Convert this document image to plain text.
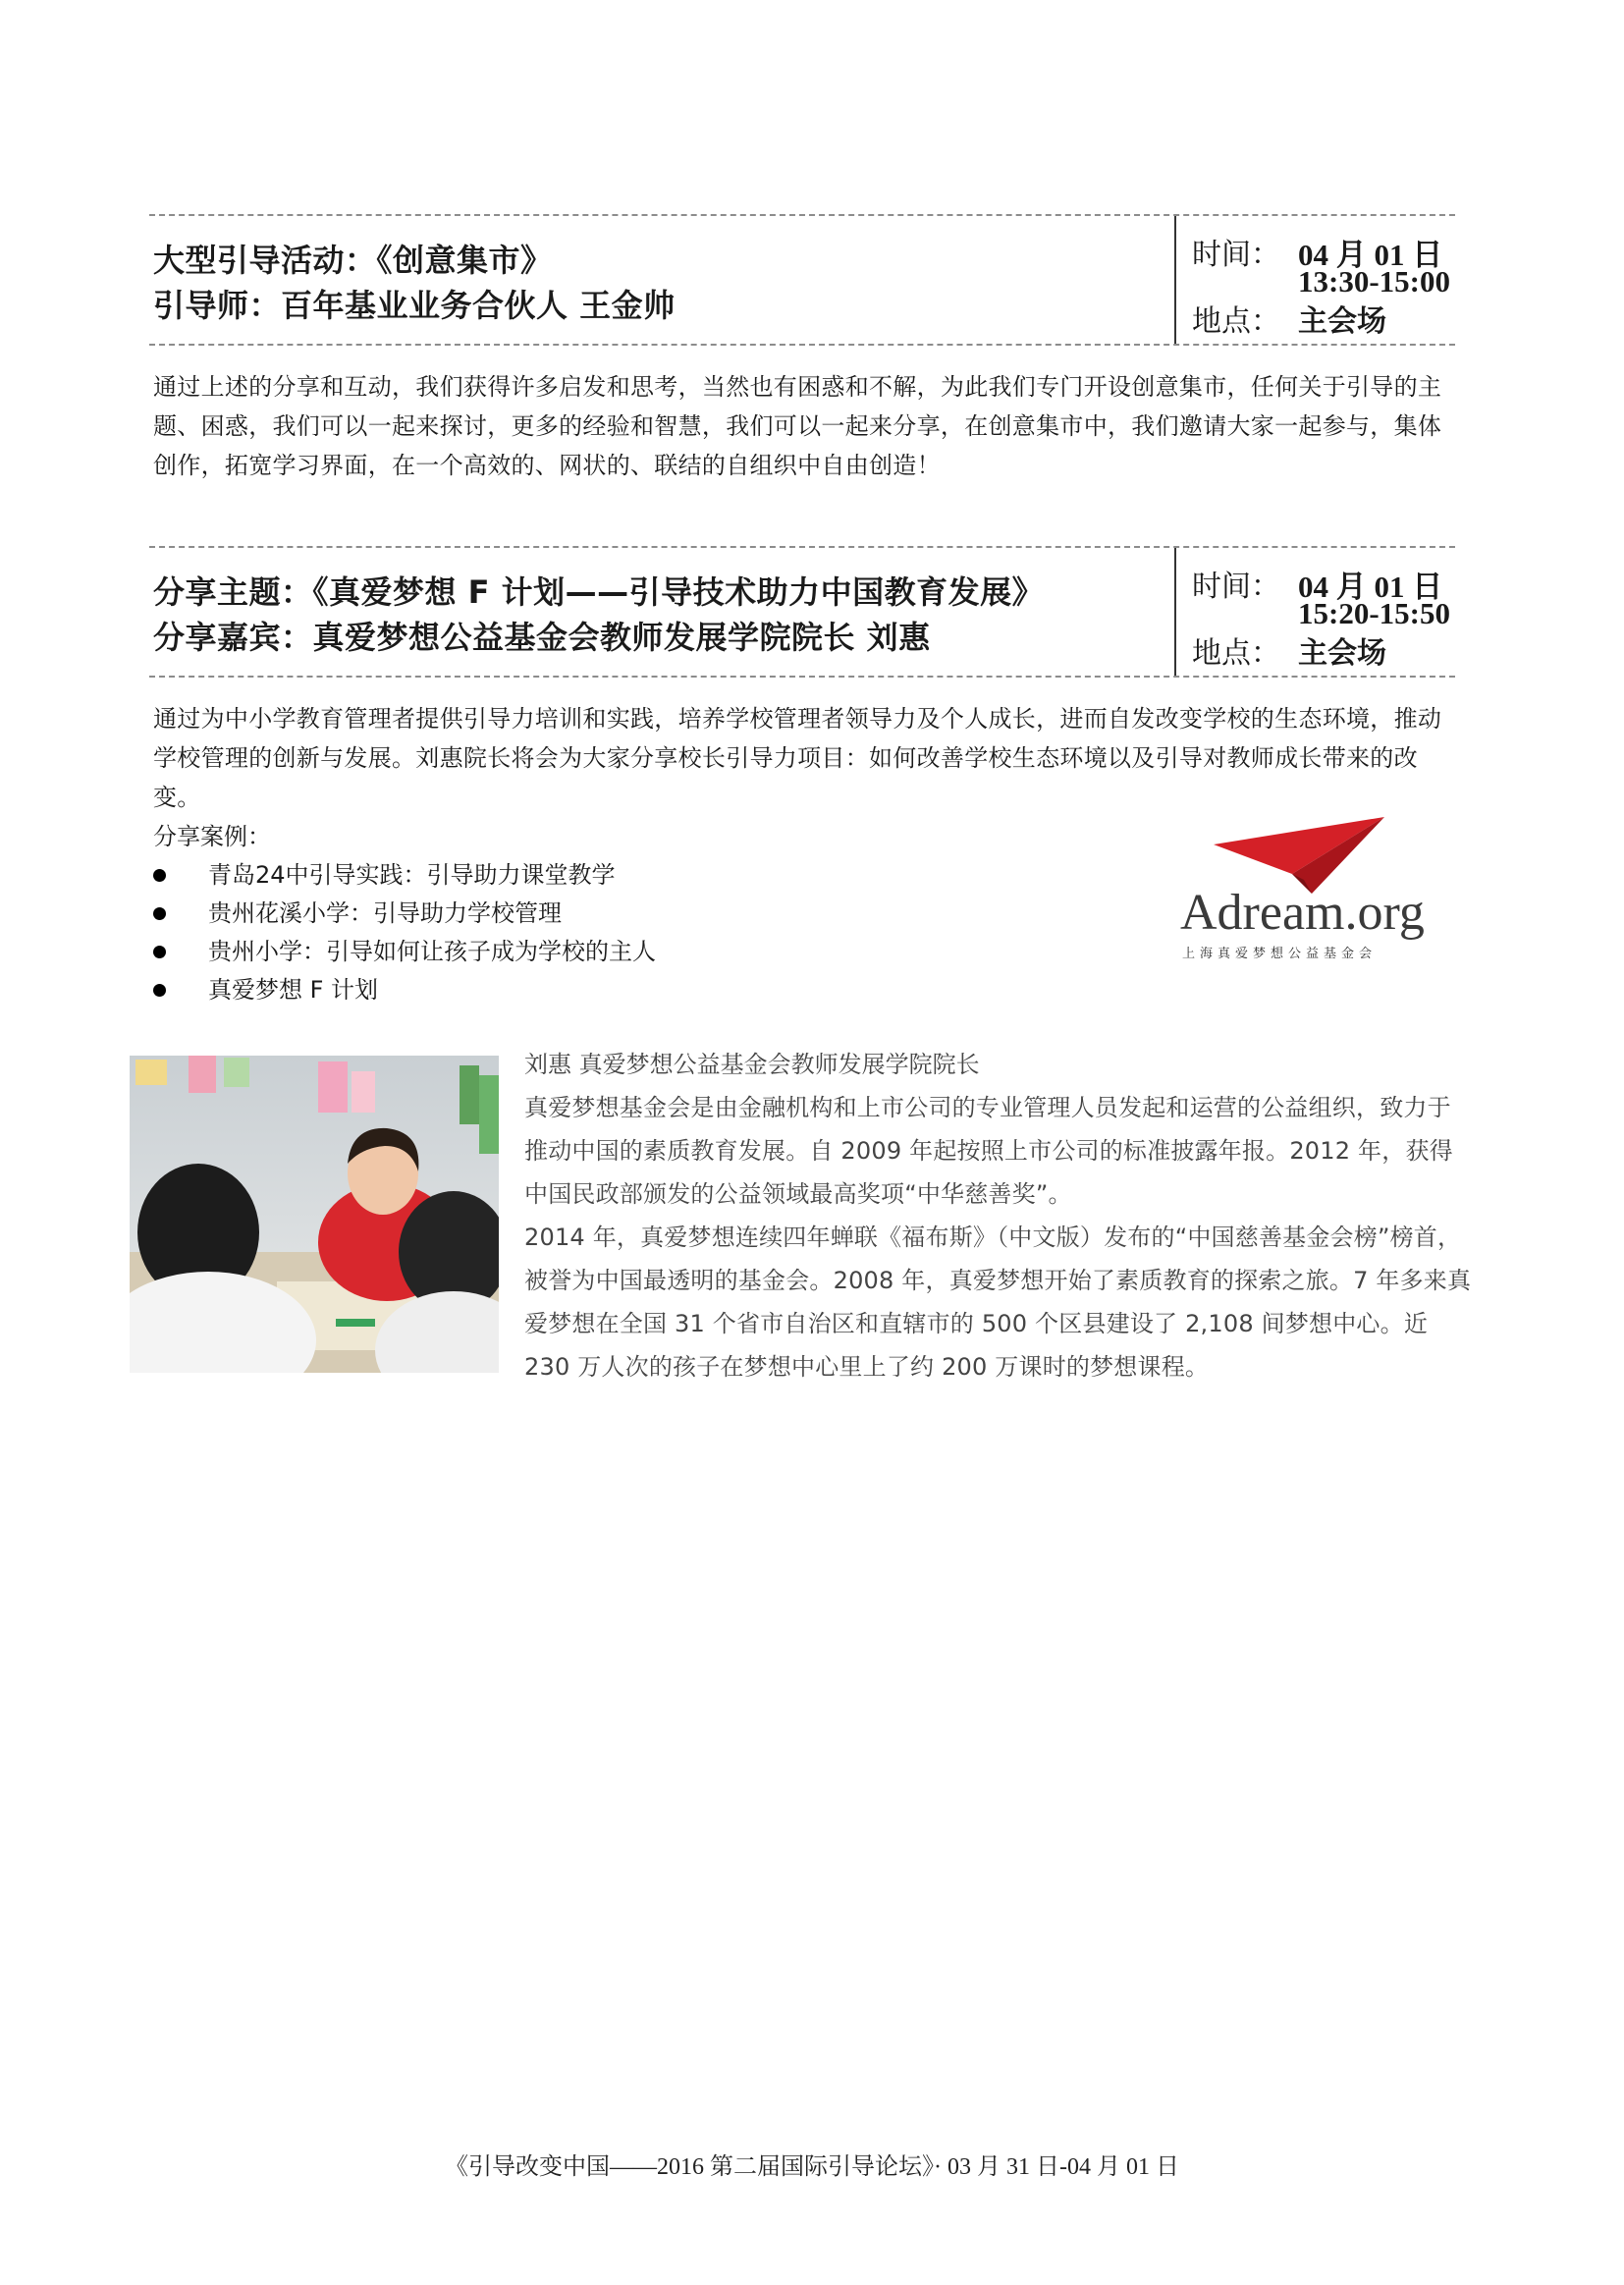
大型引导活动：《创意集市》
引导师：百年基业业务合伙人 王金帅
时间： 04 月 01 日
13:30-15:00
地点： 主会场

通过上述的分享和互动，我们获得许多启发和思考，当然也有困惑和不解，为此我们专门开设创意集市，任何关于引导的主题、困惑，我们可以一起来探讨，更多的经验和智慧，我们可以一起来分享，在创意集市中，我们邀请大家一起参与，集体创作，拓宽学习界面，在一个高效的、网状的、联结的自组织中自由创造！

分享主题：《真爱梦想 F 计划——引导技术助力中国教育发展》
分享嘉宾：真爱梦想公益基金会教师发展学院院长 刘惠
时间： 04 月 01 日
15:20-15:50
地点： 主会场

通过为中小学教育管理者提供引导力培训和实践，培养学校管理者领导力及个人成长，进而自发改变学校的生态环境，推动学校管理的创新与发展。刘惠院长将会为大家分享校长引导力项目：如何改善学校生态环境以及引导对教师成长带来的改变。

分享案例：
青岛24中引导实践：引导助力课堂教学
贵州花溪小学：引导助力学校管理
贵州小学：引导如何让孩子成为学校的主人
真爱梦想 F 计划
Adream.org
上海真爱梦想公益基金会
刘惠 真爱梦想公益基金会教师发展学院院长

真爱梦想基金会是由金融机构和上市公司的专业管理人员发起和运营的公益组织，致力于推动中国的素质教育发展。自 2009 年起按照上市公司的标准披露年报。2012 年，获得中国民政部颁发的公益领域最高奖项“中华慈善奖”。

2014 年，真爱梦想连续四年蝉联《福布斯》（中文版）发布的“中国慈善基金会榜”榜首，被誉为中国最透明的基金会。2008 年，真爱梦想开始了素质教育的探索之旅。7 年多来真爱梦想在全国 31 个省市自治区和直辖市的 500 个区县建设了 2,108 间梦想中心。近 230 万人次的孩子在梦想中心里上了约 200 万课时的梦想课程。

《引导改变中国——2016 第二届国际引导论坛》· 03 月 31 日-04 月 01 日
